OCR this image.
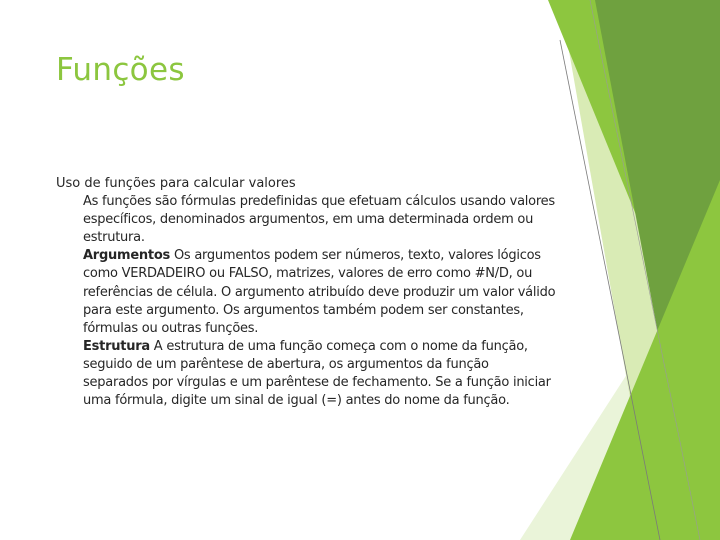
Funções
Uso de funções para calcular valores

As funções são fórmulas predefinidas que efetuam cálculos usando valores específicos, denominados argumentos, em uma determinada ordem ou estrutura.

Argumentos Os argumentos podem ser números, texto, valores lógicos como VERDADEIRO ou FALSO, matrizes, valores de erro como #N/D, ou referências de célula. O argumento atribuído deve produzir um valor válido para este argumento. Os argumentos também podem ser constantes, fórmulas ou outras funções.

Estrutura A estrutura de uma função começa com o nome da função, seguido de um parêntese de abertura, os argumentos da função separados por vírgulas e um parêntese de fechamento. Se a função iniciar uma fórmula, digite um sinal de igual (=) antes do nome da função.
